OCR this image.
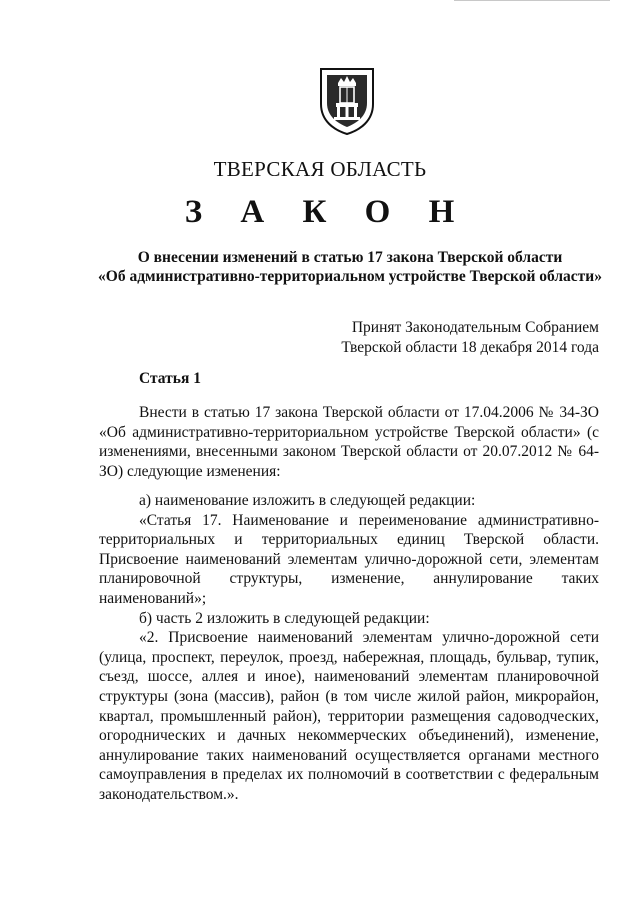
ТВЕРСКАЯ ОБЛАСТЬ
З А К О Н
О внесении изменений в статью 17 закона Тверской области
«Об административно-территориальном устройстве Тверской области»
Принят Законодательным Собранием
Тверской области 18 декабря 2014 года
Статья 1

Внести в статью 17 закона Тверской области от 17.04.2006 № 34-ЗО «Об административно-территориальном устройстве Тверской области» (с изменениями, внесенными законом Тверской области от 20.07.2012 № 64-ЗО) следующие изменения:

а) наименование изложить в следующей редакции:

«Статья 17. Наименование и переименование административно-территориальных и территориальных единиц Тверской области. Присвоение наименований элементам улично-дорожной сети, элементам планировочной структуры, изменение, аннулирование таких наименований»;

б) часть 2 изложить в следующей редакции:

«2. Присвоение наименований элементам улично-дорожной сети (улица, проспект, переулок, проезд, набережная, площадь, бульвар, тупик, съезд, шоссе, аллея и иное), наименований элементам планировочной структуры (зона (массив), район (в том числе жилой район, микрорайон, квартал, промышленный район), территории размещения садоводческих, огороднических и дачных некоммерческих объединений), изменение, аннулирование таких наименований осуществляется органами местного самоуправления в пределах их полномочий в соответствии с федеральным законодательством.».
